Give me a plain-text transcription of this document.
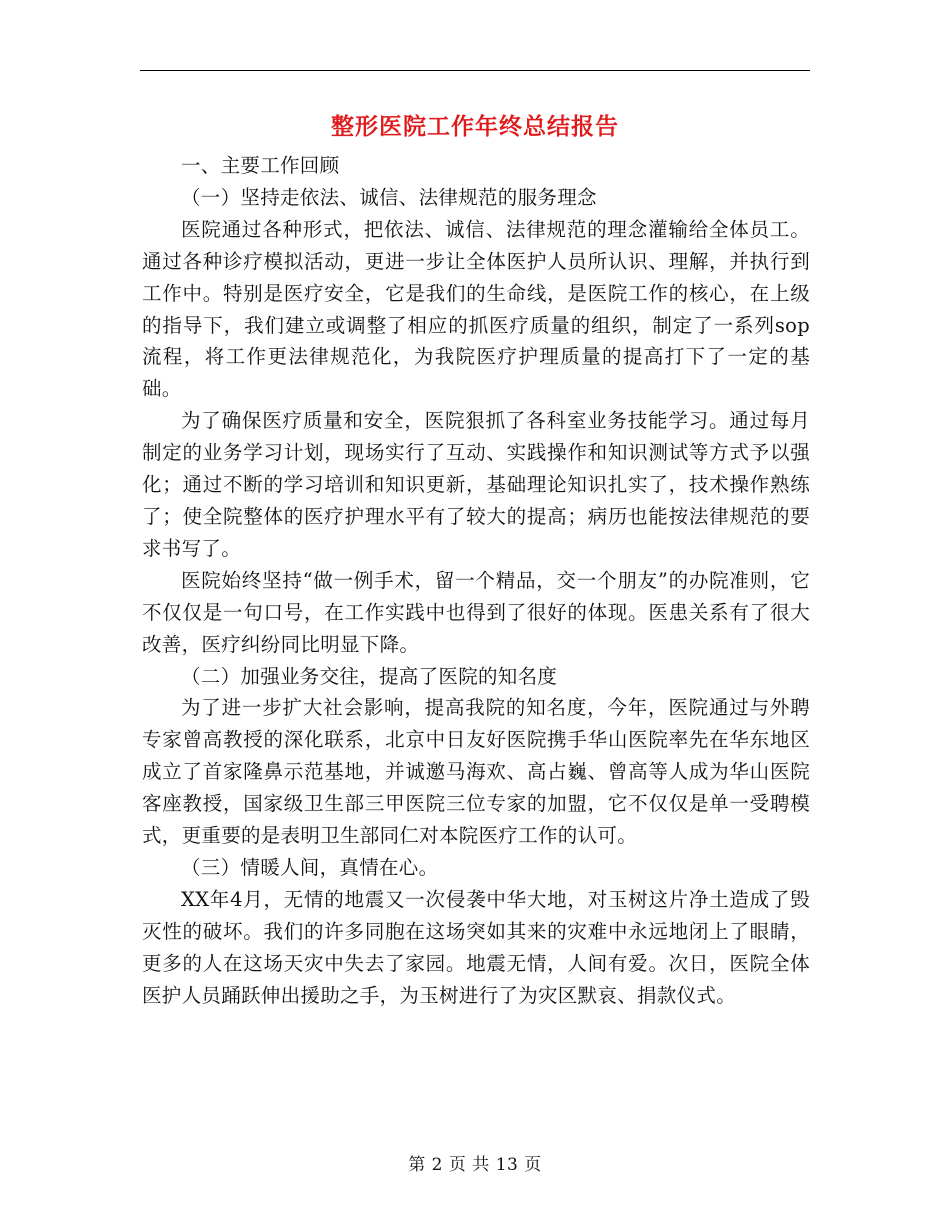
整形医院工作年终总结报告

一、主要工作回顾

（一）坚持走依法、诚信、法律规范的服务理念

医院通过各种形式，把依法、诚信、法律规范的理念灌输给全体员工。通过各种诊疗模拟活动，更进一步让全体医护人员所认识、理解，并执行到工作中。特别是医疗安全，它是我们的生命线，是医院工作的核心，在上级的指导下，我们建立或调整了相应的抓医疗质量的组织，制定了一系列sop流程，将工作更法律规范化，为我院医疗护理质量的提高打下了一定的基础。

为了确保医疗质量和安全，医院狠抓了各科室业务技能学习。通过每月制定的业务学习计划，现场实行了互动、实践操作和知识测试等方式予以强化；通过不断的学习培训和知识更新，基础理论知识扎实了，技术操作熟练了；使全院整体的医疗护理水平有了较大的提高；病历也能按法律规范的要求书写了。

医院始终坚持“做一例手术，留一个精品，交一个朋友”的办院准则，它不仅仅是一句口号，在工作实践中也得到了很好的体现。医患关系有了很大改善，医疗纠纷同比明显下降。

（二）加强业务交往，提高了医院的知名度

为了进一步扩大社会影响，提高我院的知名度，今年，医院通过与外聘专家曾高教授的深化联系，北京中日友好医院携手华山医院率先在华东地区成立了首家隆鼻示范基地，并诚邀马海欢、高占巍、曾高等人成为华山医院客座教授，国家级卫生部三甲医院三位专家的加盟，它不仅仅是单一受聘模式，更重要的是表明卫生部同仁对本院医疗工作的认可。

（三）情暖人间，真情在心。

XX年4月，无情的地震又一次侵袭中华大地，对玉树这片净土造成了毁灭性的破坏。我们的许多同胞在这场突如其来的灾难中永远地闭上了眼睛，更多的人在这场天灾中失去了家园。地震无情，人间有爱。次日，医院全体医护人员踊跃伸出援助之手，为玉树进行了为灾区默哀、捐款仪式。

第 2 页 共 13 页
